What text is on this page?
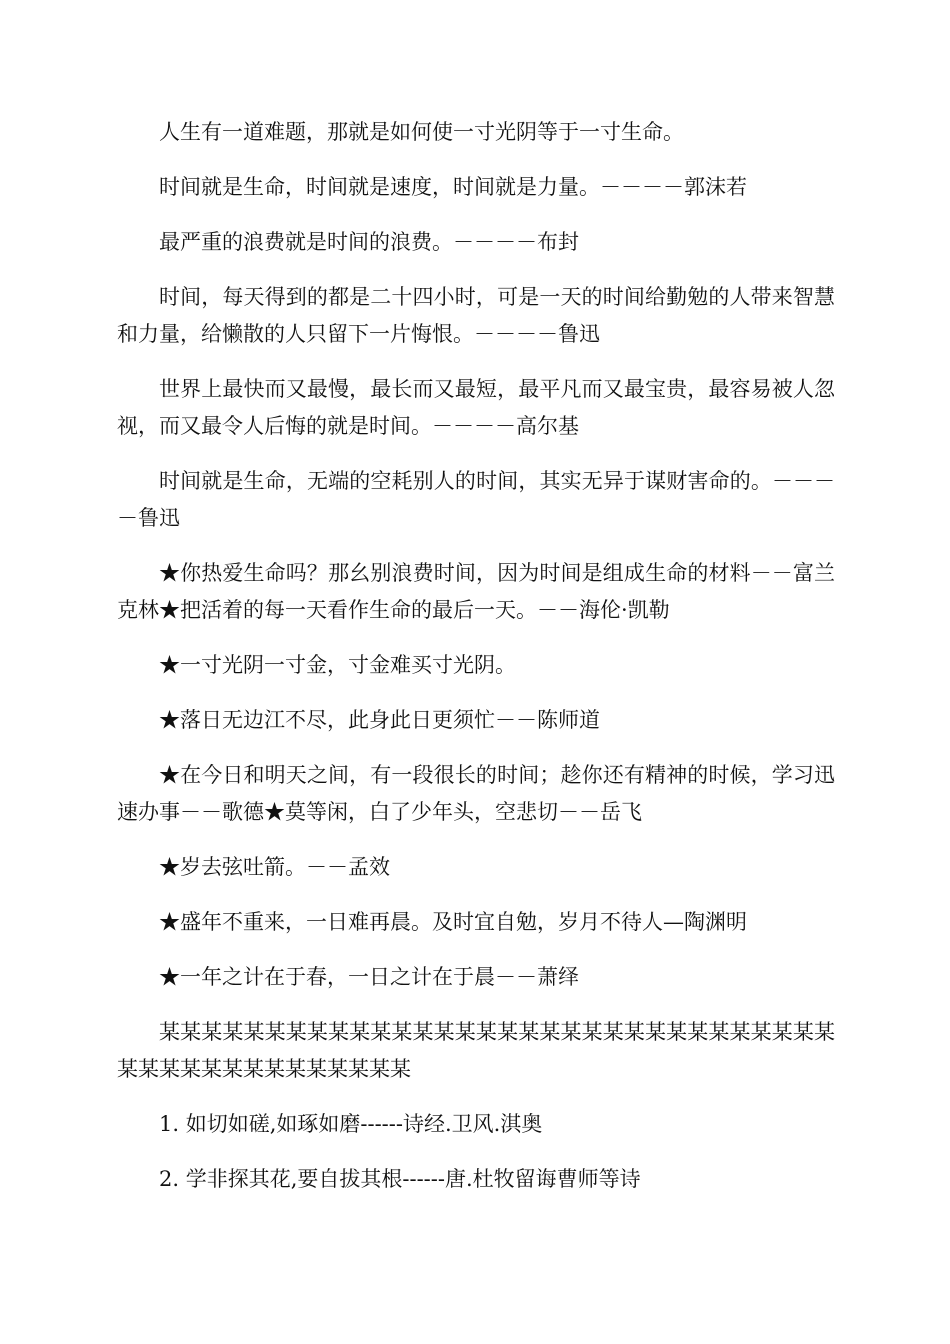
人生有一道难题，那就是如何使一寸光阴等于一寸生命。

时间就是生命，时间就是速度，时间就是力量。－－－－郭沫若

最严重的浪费就是时间的浪费。－－－－布封

时间，每天得到的都是二十四小时，可是一天的时间给勤勉的人带来智慧和力量，给懒散的人只留下一片悔恨。－－－－鲁迅

世界上最快而又最慢，最长而又最短，最平凡而又最宝贵，最容易被人忽视，而又最令人后悔的就是时间。－－－－高尔基

时间就是生命，无端的空耗别人的时间，其实无异于谋财害命的。－－－－鲁迅

★你热爱生命吗？那幺别浪费时间，因为时间是组成生命的材料－－富兰克林★把活着的每一天看作生命的最后一天。－－海伦·凯勒

★一寸光阴一寸金，寸金难买寸光阴。

★落日无边江不尽，此身此日更须忙－－陈师道

★在今日和明天之间，有一段很长的时间；趁你还有精神的时候，学习迅速办事－－歌德★莫等闲，白了少年头，空悲切－－岳飞

★岁去弦吐箭。－－孟效

★盛年不重来，一日难再晨。及时宜自勉，岁月不待人—陶渊明

★一年之计在于春，一日之计在于晨－－萧绎

某某某某某某某某某某某某某某某某某某某某某某某某某某某某某某某某某某某某某某某某某某某某某某

1. 如切如磋,如琢如磨------诗经.卫风.淇奥

2. 学非探其花,要自拔其根------唐.杜牧留诲曹师等诗
